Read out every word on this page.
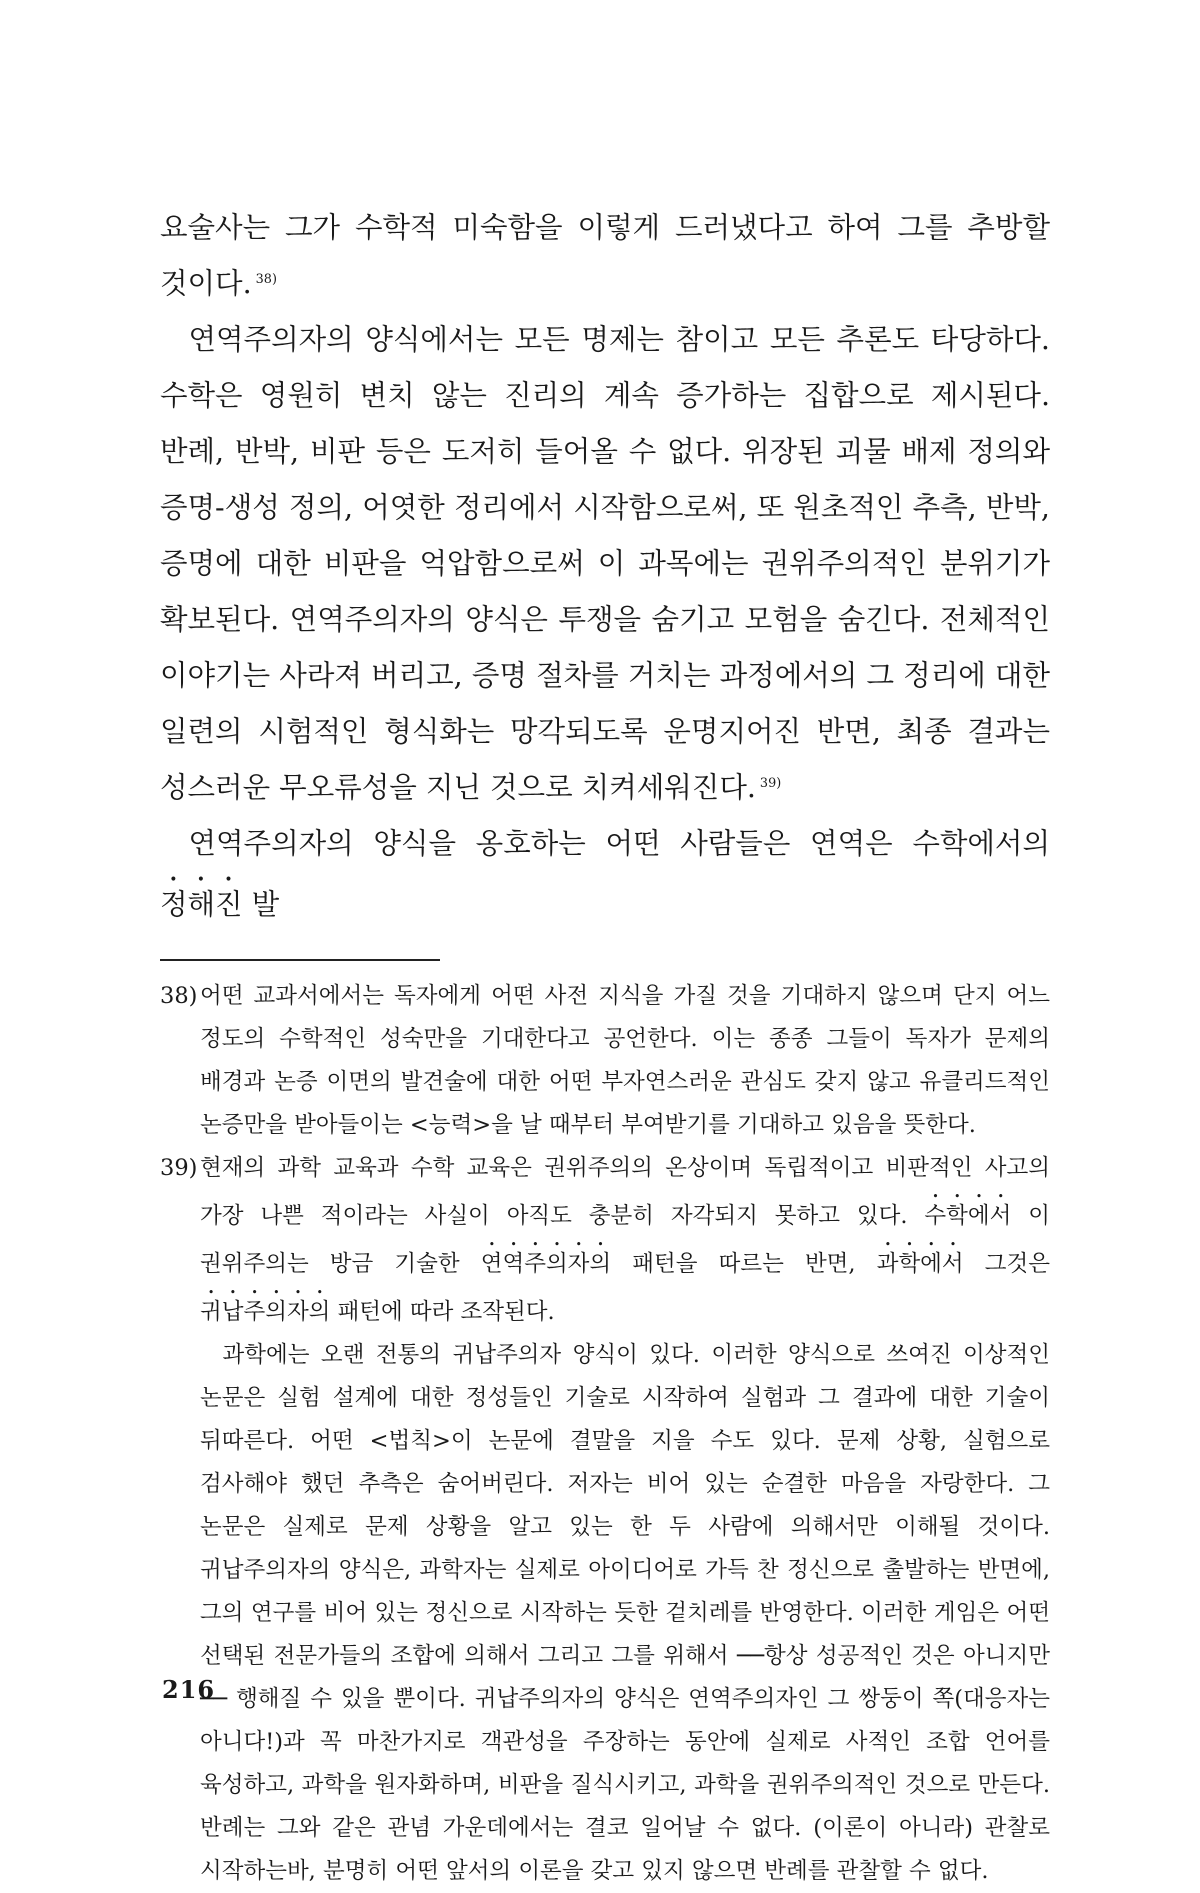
요술사는 그가 수학적 미숙함을 이렇게 드러냈다고 하여 그를 추방할 것이다. $^{38)}$

연역주의자의 양식에서는 모든 명제는 참이고 모든 추론도 타당하다. 수학은 영원히 변치 않는 진리의 계속 증가하는 집합으로 제시된다. 반례, 반박, 비판 등은 도저히 들어올 수 없다. 위장된 괴물 배제 정의와 증명-생성 정의, 어엿한 정리에서 시작함으로써, 또 원초적인 추측, 반박, 증명에 대한 비판을 억압함으로써 이 과목에는 권위주의적인 분위기가 확보된다. 연역주의자의 양식은 투쟁을 숨기고 모험을 숨긴다. 전체적인 이야기는 사라져 버리고, 증명 절차를 거치는 과정에서의 그 정리에 대한 일련의 시험적인 형식화는 망각되도록 운명지어진 반면, 최종 결과는 성스러운 무오류성을 지닌 것으로 치켜세워진다. $^{39)}$

연역주의자의 양식을 옹호하는 어떤 사람들은 연역은 수학에서의 정해진 발

38) 어떤 교과서에서는 독자에게 어떤 사전 지식을 가질 것을 기대하지 않으며 단지 어느 정도의 수학적인 성숙만을 기대한다고 공언한다. 이는 종종 그들이 독자가 문제의 배경과 논증 이면의 발견술에 대한 어떤 부자연스러운 관심도 갖지 않고 유클리드적인 논증만을 받아들이는 <능력>을 날 때부터 부여받기를 기대하고 있음을 뜻한다.
39) 현재의 과학 교육과 수학 교육은 권위주의의 온상이며 독립적이고 비판적인 사고의 가장 나쁜 적이라는 사실이 아직도 충분히 자각되지 못하고 있다. 수학에서 이 권위주의는 방금 기술한 연역주의자의 패턴을 따르는 반면, 과학에서 그것은 귀납주의자의 패턴에 따라 조작된다.

과학에는 오랜 전통의 귀납주의자 양식이 있다. 이러한 양식으로 쓰여진 이상적인 논문은 실험 설계에 대한 정성들인 기술로 시작하여 실험과 그 결과에 대한 기술이 뒤따른다. 어떤 <법칙>이 논문에 결말을 지을 수도 있다. 문제 상황, 실험으로 검사해야 했던 추측은 숨어버린다. 저자는 비어 있는 순결한 마음을 자랑한다. 그 논문은 실제로 문제 상황을 알고 있는 한 두 사람에 의해서만 이해될 것이다. 귀납주의자의 양식은, 과학자는 실제로 아이디어로 가득 찬 정신으로 출발하는 반면에, 그의 연구를 비어 있는 정신으로 시작하는 듯한 겉치레를 반영한다. 이러한 게임은 어떤 선택된 전문가들의 조합에 의해서 그리고 그를 위해서 ──항상 성공적인 것은 아니지만── 행해질 수 있을 뿐이다. 귀납주의자의 양식은 연역주의자인 그 쌍둥이 쪽(대응자는 아니다!)과 꼭 마찬가지로 객관성을 주장하는 동안에 실제로 사적인 조합 언어를 육성하고, 과학을 원자화하며, 비판을 질식시키고, 과학을 권위주의적인 것으로 만든다. 반례는 그와 같은 관념 가운데에서는 결코 일어날 수 없다. (이론이 아니라) 관찰로 시작하는바, 분명히 어떤 앞서의 이론을 갖고 있지 않으면 반례를 관찰할 수 없다.

216
